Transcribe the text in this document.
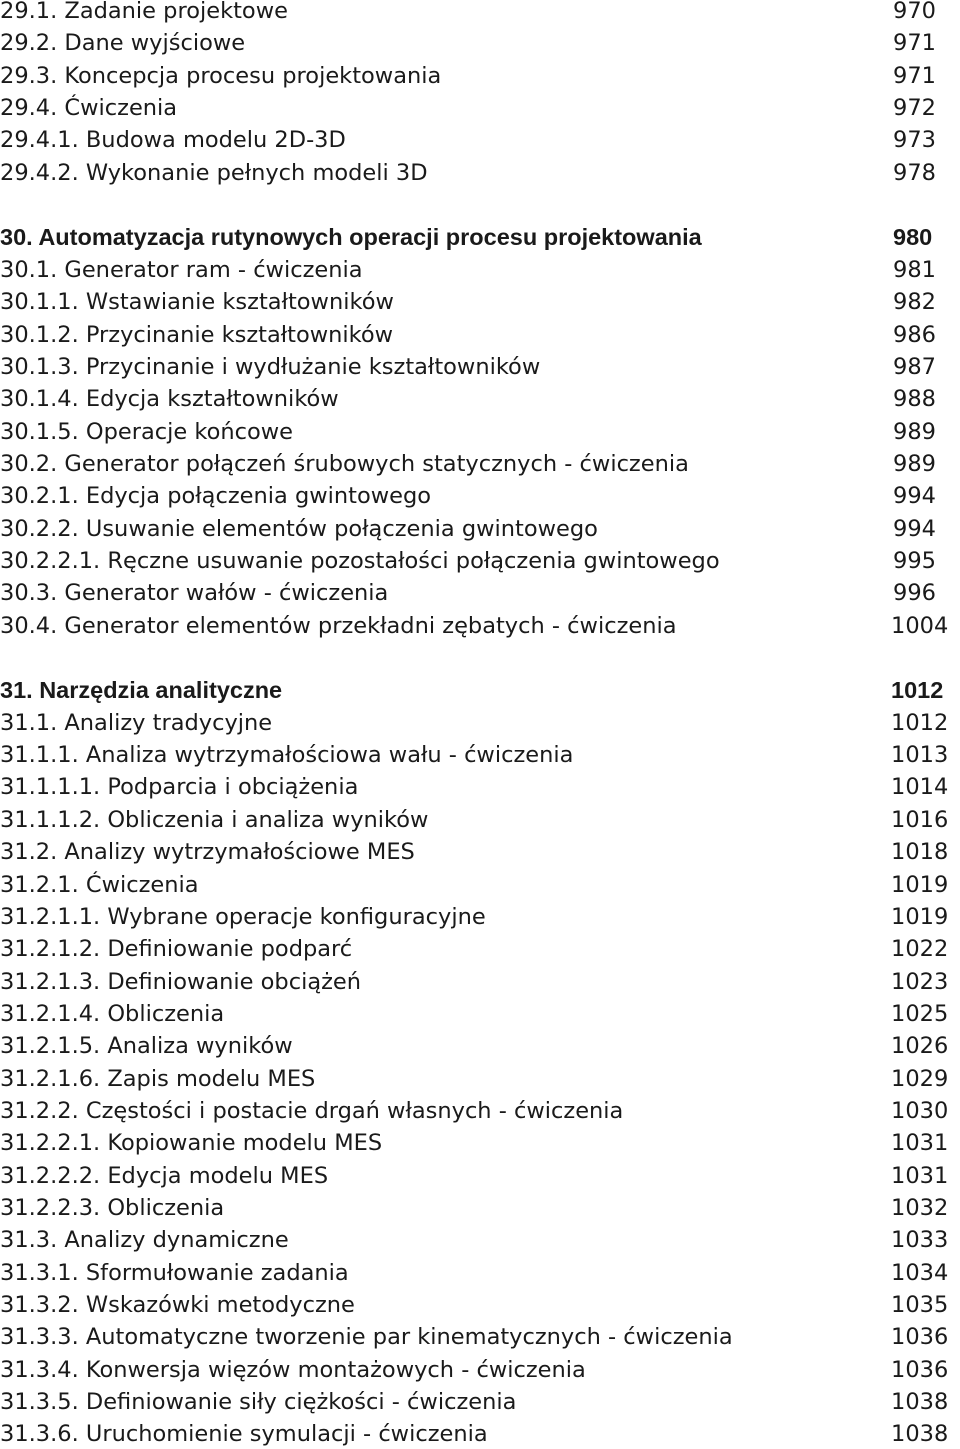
29.1. Zadanie projektowe	970
29.2. Dane wyjściowe	971
29.3. Koncepcja procesu projektowania	971
29.4. Ćwiczenia	972
29.4.1. Budowa modelu 2D-3D	973
29.4.2. Wykonanie pełnych modeli 3D	978
30. Automatyzacja rutynowych operacji procesu projektowania	980
30.1. Generator ram - ćwiczenia	981
30.1.1. Wstawianie kształtowników	982
30.1.2. Przycinanie kształtowników	986
30.1.3. Przycinanie i wydłużanie kształtowników	987
30.1.4. Edycja kształtowników	988
30.1.5. Operacje końcowe	989
30.2. Generator połączeń śrubowych statycznych - ćwiczenia	989
30.2.1. Edycja połączenia gwintowego	994
30.2.2. Usuwanie elementów połączenia gwintowego	994
30.2.2.1. Ręczne usuwanie pozostałości połączenia gwintowego	995
30.3. Generator wałów - ćwiczenia	996
30.4. Generator elementów przekładni zębatych - ćwiczenia	1004
31. Narzędzia analityczne	1012
31.1. Analizy tradycyjne	1012
31.1.1. Analiza wytrzymałościowa wału - ćwiczenia	1013
31.1.1.1. Podparcia i obciążenia	1014
31.1.1.2. Obliczenia i analiza wyników	1016
31.2. Analizy wytrzymałościowe MES	1018
31.2.1. Ćwiczenia	1019
31.2.1.1. Wybrane operacje konfiguracyjne	1019
31.2.1.2. Definiowanie podparć	1022
31.2.1.3. Definiowanie obciążeń	1023
31.2.1.4. Obliczenia	1025
31.2.1.5. Analiza wyników	1026
31.2.1.6. Zapis modelu MES	1029
31.2.2. Częstości i postacie drgań własnych - ćwiczenia	1030
31.2.2.1. Kopiowanie modelu MES	1031
31.2.2.2. Edycja modelu MES	1031
31.2.2.3. Obliczenia	1032
31.3. Analizy dynamiczne	1033
31.3.1. Sformułowanie zadania	1034
31.3.2. Wskazówki metodyczne	1035
31.3.3. Automatyczne tworzenie par kinematycznych - ćwiczenia	1036
31.3.4. Konwersja więzów montażowych - ćwiczenia	1036
31.3.5. Definiowanie siły ciężkości - ćwiczenia	1038
31.3.6. Uruchomienie symulacji - ćwiczenia	1038
